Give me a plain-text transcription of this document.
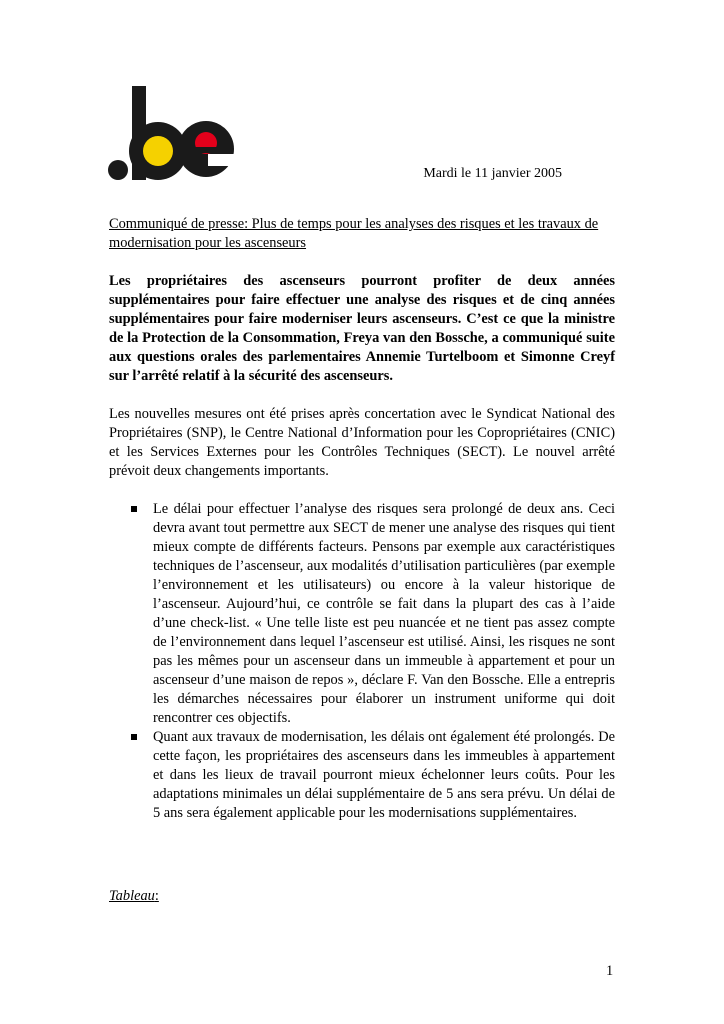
Mardi le 11 janvier 2005

Communiqué de presse: Plus de temps pour les analyses des risques et les travaux de modernisation pour les ascenseurs

Les propriétaires des ascenseurs pourront profiter de deux années supplémentaires pour faire effectuer une analyse des risques et de cinq années supplémentaires pour faire moderniser leurs ascenseurs. C’est ce que la ministre de la Protection de la Consommation, Freya van den Bossche, a communiqué suite aux questions orales des parlementaires Annemie Turtelboom et Simonne Creyf sur l’arrêté relatif à la sécurité des ascenseurs.

Les nouvelles mesures ont été prises après concertation avec le Syndicat National des Propriétaires (SNP), le Centre National d’Information pour les Copropriétaires (CNIC) et les Services Externes pour les Contrôles Techniques (SECT). Le nouvel arrêté prévoit deux changements importants.

Le délai pour effectuer l’analyse des risques sera prolongé de deux ans. Ceci devra avant tout permettre aux SECT de mener une analyse des risques qui tient mieux compte de différents facteurs. Pensons par exemple aux caractéristiques techniques de l’ascenseur, aux modalités d’utilisation particulières (par exemple l’environnement et les utilisateurs) ou encore à la valeur historique de l’ascenseur. Aujourd’hui, ce contrôle se fait dans la plupart des cas à l’aide d’une check-list. « Une telle liste est peu nuancée et ne tient pas assez compte de l’environnement dans lequel l’ascenseur est utilisé. Ainsi, les risques ne sont pas les mêmes pour un ascenseur dans un immeuble à appartement et pour un ascenseur d’une maison de repos », déclare F. Van den Bossche. Elle a entrepris les démarches nécessaires pour élaborer un instrument uniforme qui doit rencontrer ces objectifs.
Quant aux travaux de modernisation, les délais ont également été prolongés. De cette façon, les propriétaires des ascenseurs dans les immeubles à appartement et dans les lieux de travail pourront mieux échelonner leurs coûts. Pour les adaptations minimales un délai supplémentaire de 5 ans sera prévu. Un délai de 5 ans sera également applicable pour les modernisations supplémentaires.
Tableau:
1
